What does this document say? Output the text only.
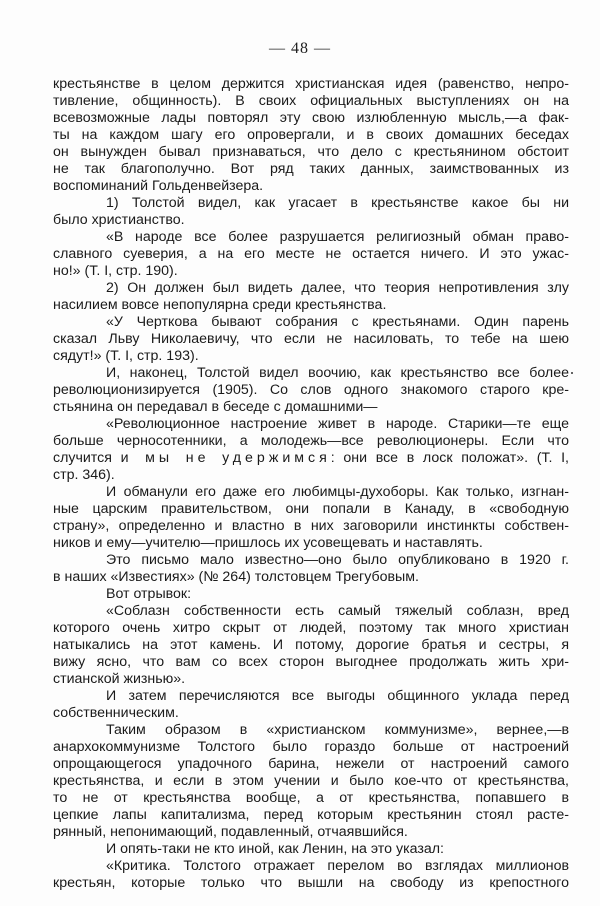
— 48 —
крестьянстве в целом держится христианская идея (равенство, непро-
тивление, общинность). В своих официальных выступлениях он на
всевозможные лады повторял эту свою излюбленную мысль,—а фак-
ты на каждом шагу его опровергали, и в своих домашних беседах
он вынужден бывал признаваться, что дело с крестьянином обстоит
не так благополучно. Вот ряд таких данных, заимствованных из
воспоминаний Гольденвейзера.
1) Толстой видел, как угасает в крестьянстве какое бы ни
было христианство.
«В народе все более разрушается религиозный обман право-
славного суеверия, а на его месте не остается ничего. И это ужас-
но!» (Т. I, стр. 190).
2) Он должен был видеть далее, что теория непротивления злу
насилием вовсе непопулярна среди крестьянства.
«У Черткова бывают собрания с крестьянами. Один парень
сказал Льву Николаевичу, что если не насиловать, то тебе на шею
сядут!» (Т. I, стр. 193).
И, наконец, Толстой видел воочию, как крестьянство все более
революционизируется (1905). Со слов одного знакомого старого кре-
стьянина он передавал в беседе с домашними—
«Революционное настроение живет в народе. Старики—те еще
больше черносотенники, а молодежь—все революционеры. Если что
случится и мы не удержимся: они все в лоск положат». (Т. I,
стр. 346).
И обманули его даже его любимцы-духоборы. Как только, изгнан-
ные царским правительством, они попали в Канаду, в «свободную
страну», определенно и властно в них заговорили инстинкты собствен-
ников и ему—учителю—пришлось их усовещевать и наставлять.
Это письмо мало известно—оно было опубликовано в 1920 г.
в наших «Известиях» (№ 264) толстовцем Трегубовым.
Вот отрывок:
«Соблазн собственности есть самый тяжелый соблазн, вред
которого очень хитро скрыт от людей, поэтому так много христиан
натыкались на этот камень. И потому, дорогие братья и сестры, я
вижу ясно, что вам со всех сторон выгоднее продолжать жить хри-
стианской жизнью».
И затем перечисляются все выгоды общинного уклада перед
собственническим.
Таким образом в «христианском коммунизме», вернее,—в
анархокоммунизме Толстого было гораздо больше от настроений
опрощающегося упадочного барина, нежели от настроений самого
крестьянства, и если в этом учении и было кое-что от крестьянства,
то не от крестьянства вообще, а от крестьянства, попавшего в
цепкие лапы капитализма, перед которым крестьянин стоял расте-
рянный, непонимающий, подавленный, отчаявшийся.
И опять-таки не кто иной, как Ленин, на это указал:
«Критика. Толстого отражает перелом во взглядах миллионов
крестьян, которые только что вышли на свободу из крепостного
